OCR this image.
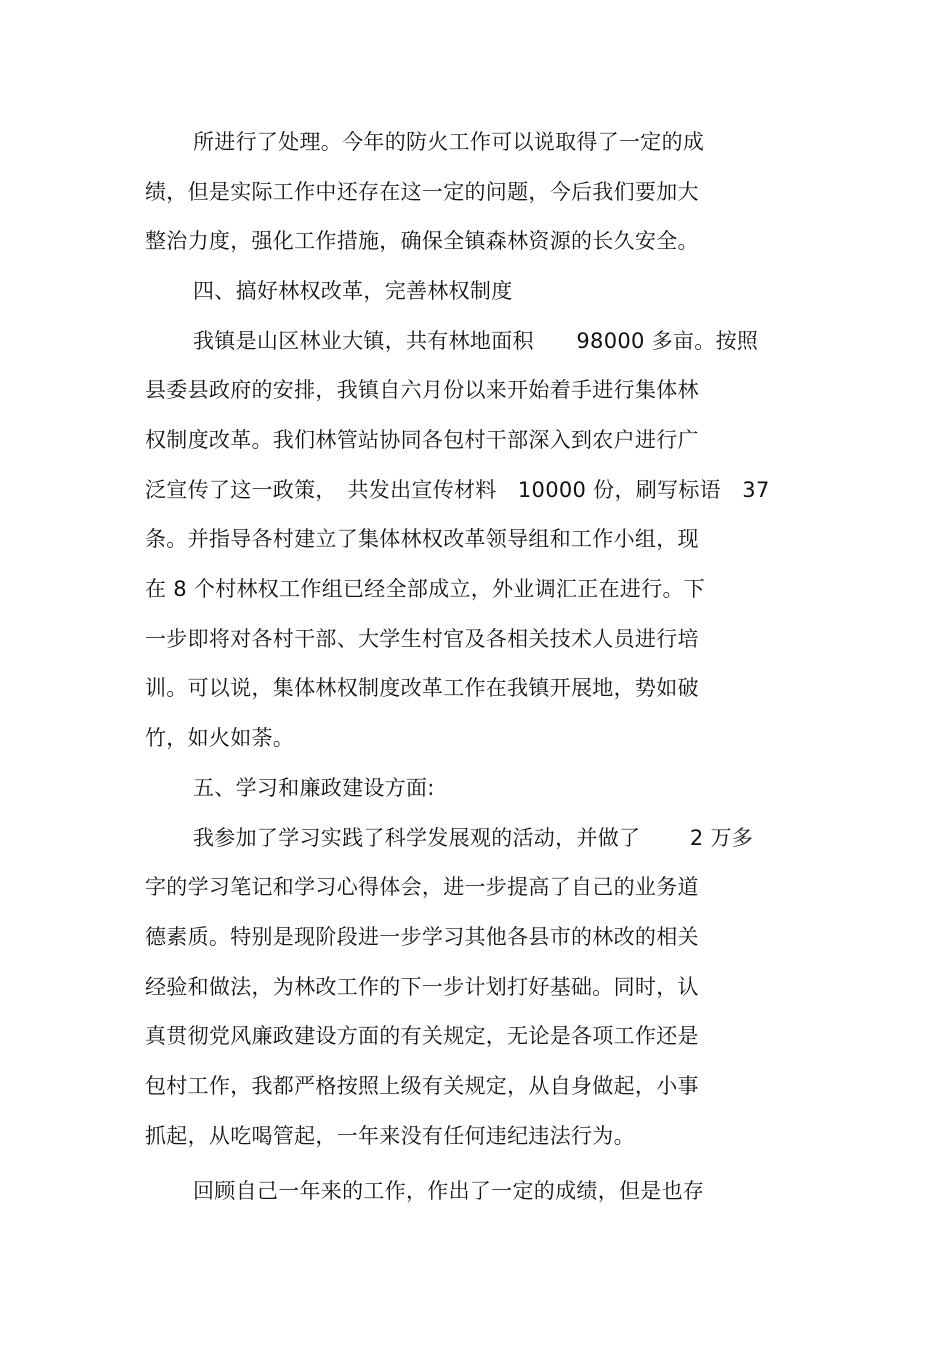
所进行了处理。今年的防火工作可以说取得了一定的成
绩，但是实际工作中还存在这一定的问题，今后我们要加大
整治力度，强化工作措施，确保全镇森林资源的长久安全。
四、搞好林权改革，完善林权制度
我镇是山区林业大镇，共有林地面积　　98000 多亩。按照
县委县政府的安排，我镇自六月份以来开始着手进行集体林
权制度改革。我们林管站协同各包村干部深入到农户进行广
泛宣传了这一政策，　共发出宣传材料　10000 份，刷写标语　37
条。并指导各村建立了集体林权改革领导组和工作小组，现
在 8 个村林权工作组已经全部成立，外业调汇正在进行。下
一步即将对各村干部、大学生村官及各相关技术人员进行培
训。可以说，集体林权制度改革工作在我镇开展地，势如破
竹，如火如荼。
五、学习和廉政建设方面:
我参加了学习实践了科学发展观的活动，并做了　　 2 万多
字的学习笔记和学习心得体会，进一步提高了自己的业务道
德素质。特别是现阶段进一步学习其他各县市的林改的相关
经验和做法，为林改工作的下一步计划打好基础。同时，认
真贯彻党风廉政建设方面的有关规定，无论是各项工作还是
包村工作，我都严格按照上级有关规定，从自身做起，小事
抓起，从吃喝管起，一年来没有任何违纪违法行为。
回顾自己一年来的工作，作出了一定的成绩，但是也存
